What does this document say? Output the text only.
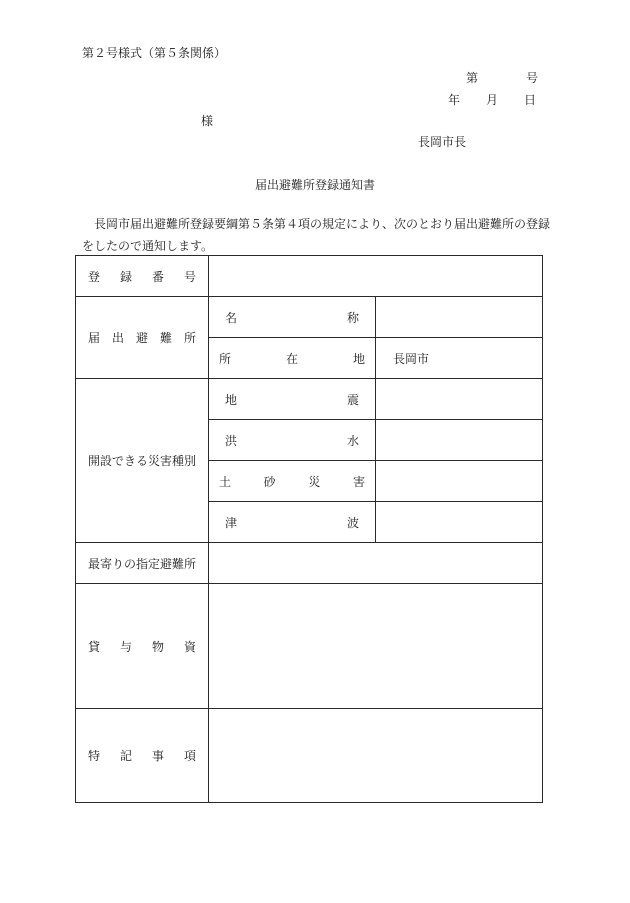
第２号様式（第５条関係）
第	号
年 月 日
様
長岡市長
届出避難所登録通知書
長岡市届出避難所登録要綱第５条第４項の規定により、次のとおり届出避難所の登録をしたので通知します。
登録番号		
届出避難所	名称	
	所在地	長岡市
開設できる災害種別	地震	
	洪水	
	土砂災害	
	津波	
最寄りの指定避難所		
貸与物資		
特記事項		
